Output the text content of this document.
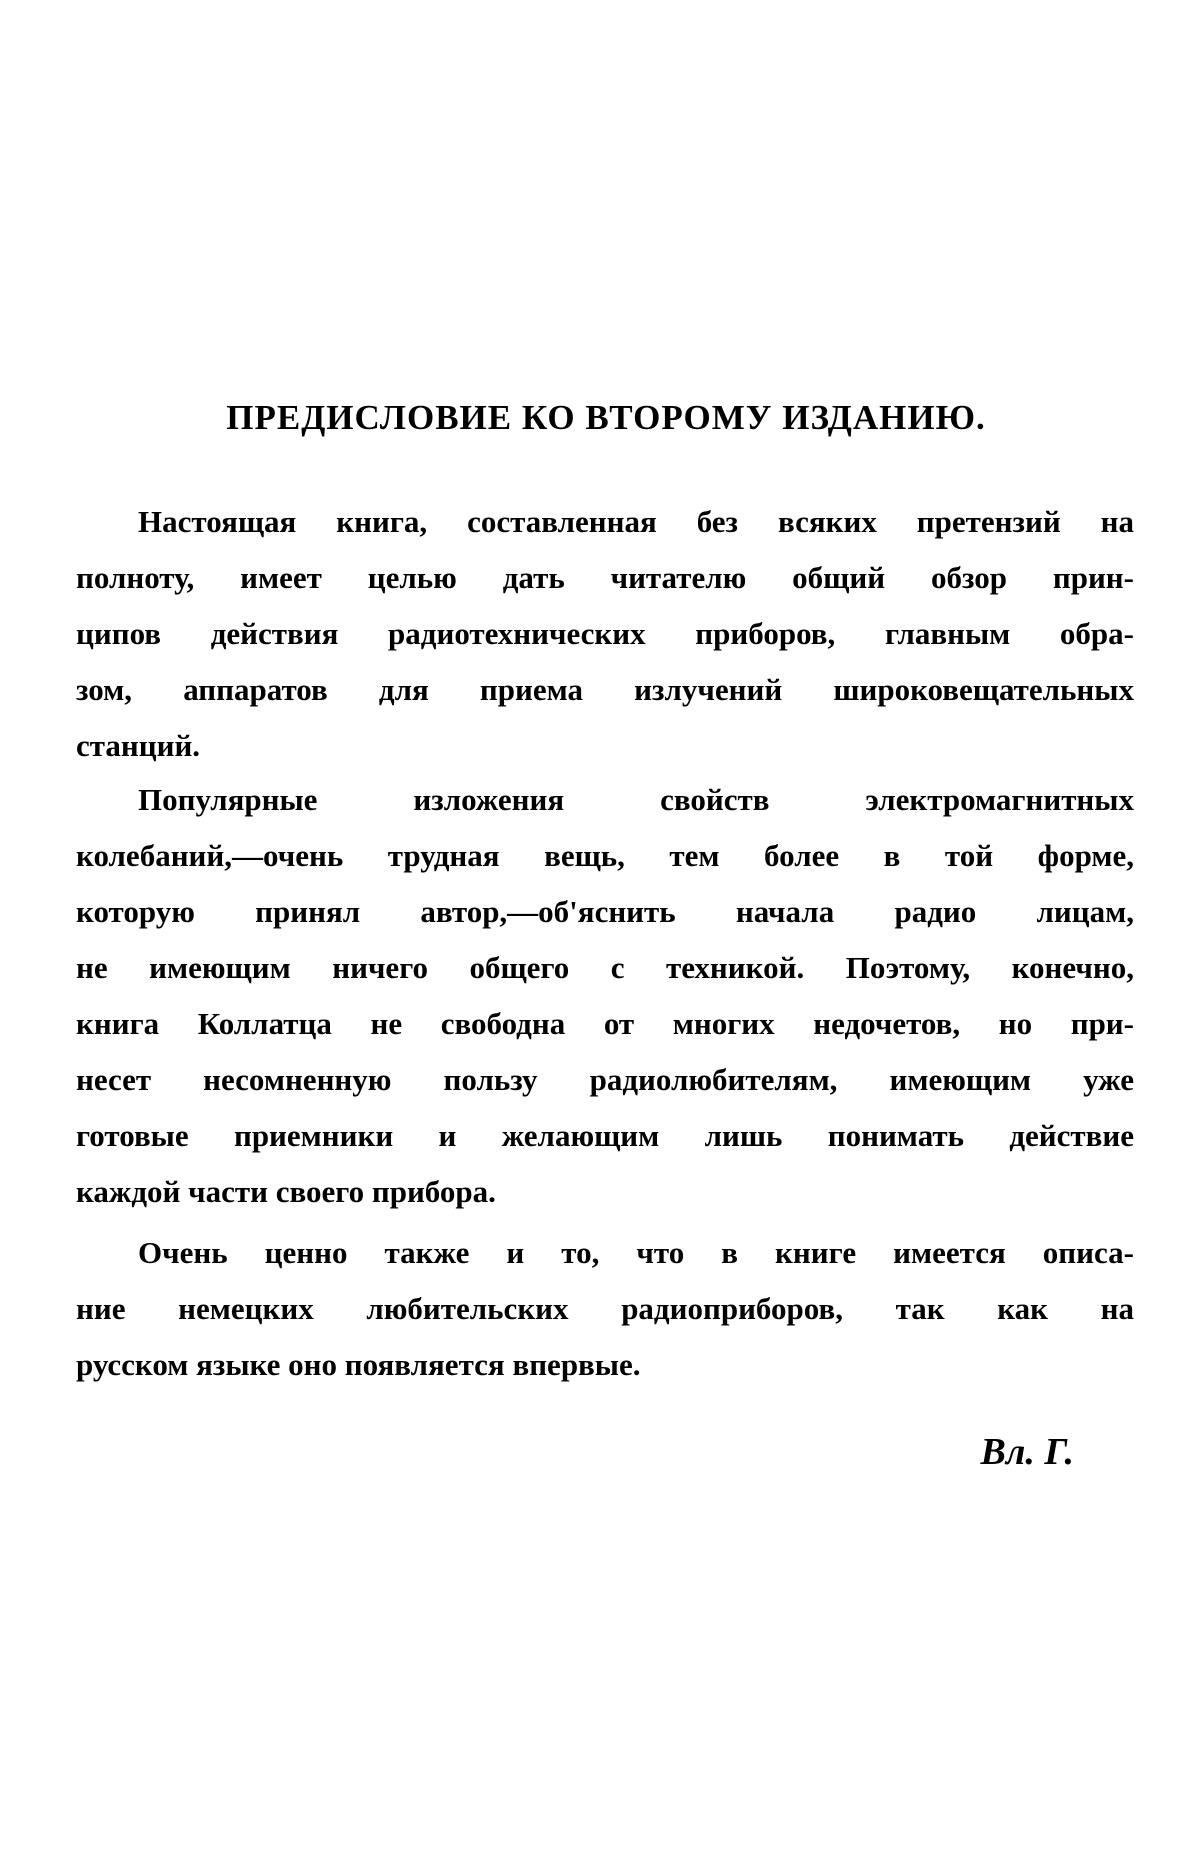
ПРЕДИСЛОВИЕ КО ВТОРОМУ ИЗДАНИЮ.
Настоящая книга, составленная без всяких претензий на
полноту, имеет целью дать читателю общий обзор прин-
ципов действия радиотехнических приборов, главным обра-
зом, аппаратов для приема излучений широковещательных
станций.
Популярные изложения свойств электромагнитных
колебаний,—очень трудная вещь, тем более в той форме,
которую принял автор,—об'яснить начала радио лицам,
не имеющим ничего общего с техникой. Поэтому, конечно,
книга Коллатца не свободна от многих недочетов, но при-
несет несомненную пользу радиолюбителям, имеющим уже
готовые приемники и желающим лишь понимать действие
каждой части своего прибора.
Очень ценно также и то, что в книге имеется описа-
ние немецких любительских радиоприборов, так как на
русском языке оно появляется впервые.

Вл. Г.
